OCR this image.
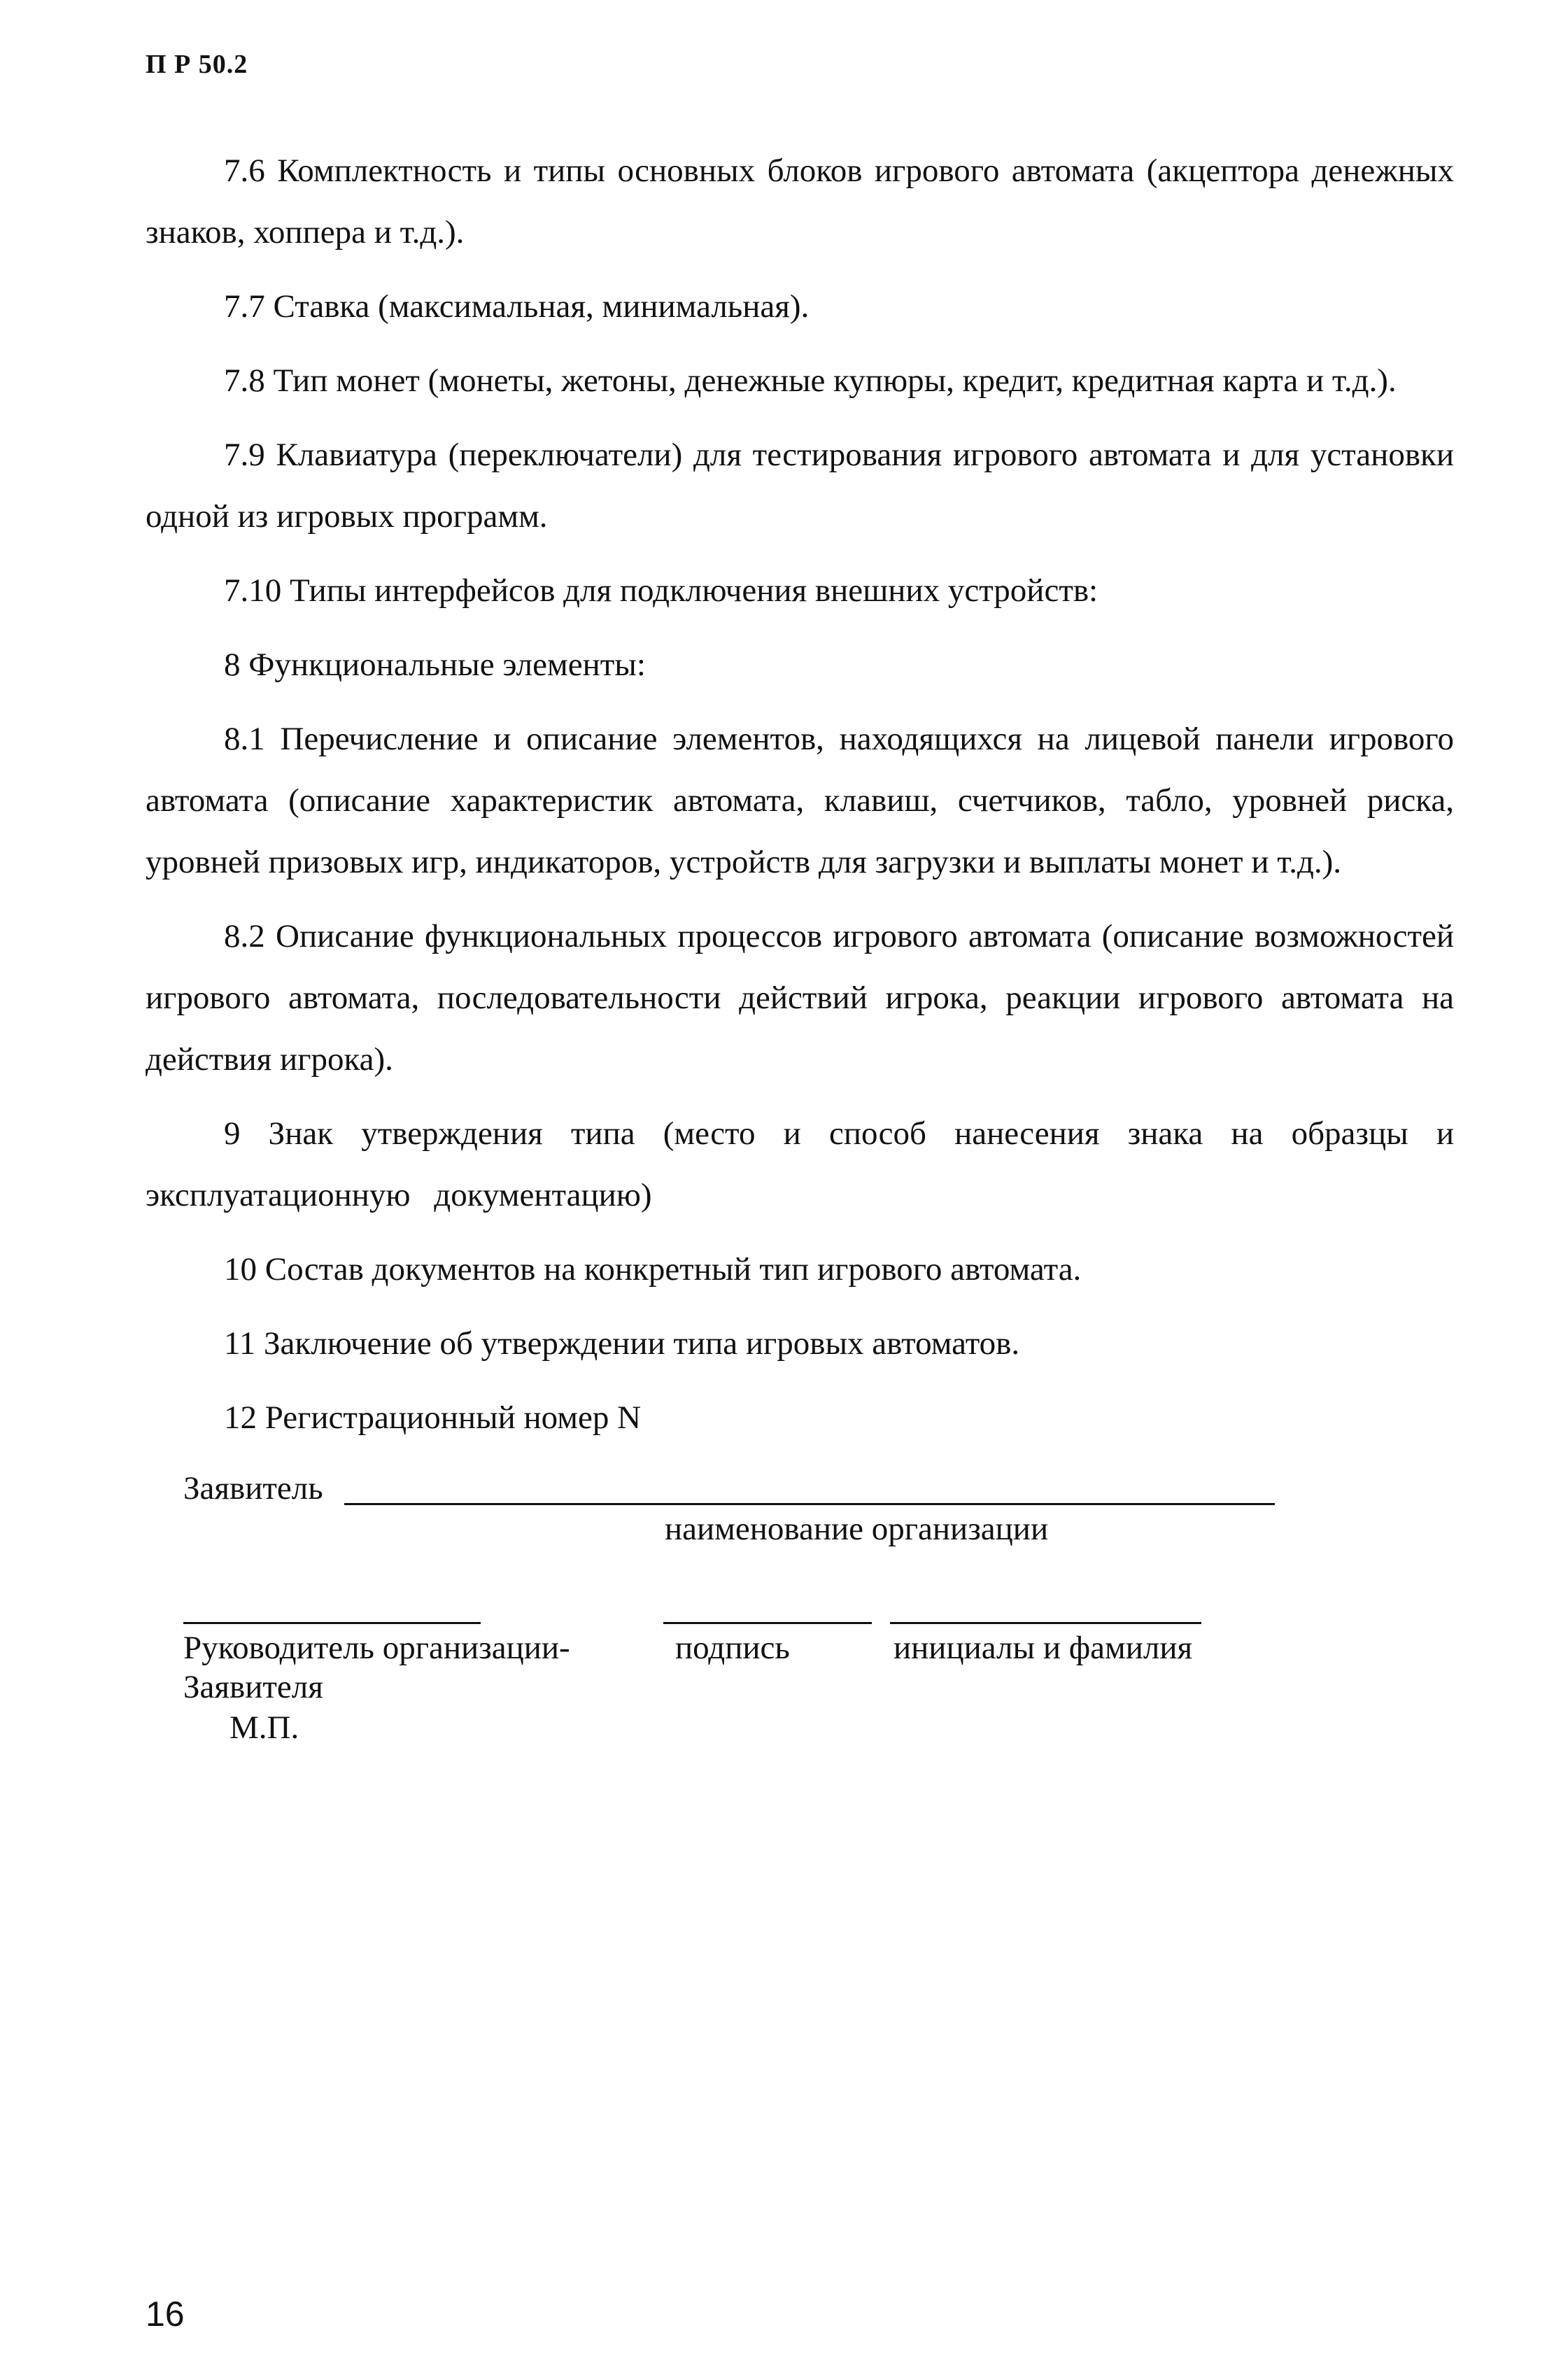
П Р 50.2

7.6 Комплектность и типы основных блоков игрового автомата (акцептора денежных знаков, хоппера и т.д.).

7.7 Ставка (максимальная, минимальная).

7.8 Тип монет (монеты, жетоны, денежные купюры, кредит, кредитная карта и т.д.).

7.9 Клавиатура (переключатели) для тестирования игрового автомата и для установки одной из игровых программ.

7.10 Типы интерфейсов для подключения внешних устройств:

8 Функциональные элементы:

8.1 Перечисление и описание элементов, находящихся на лицевой панели игрового автомата (описание характеристик автомата, клавиш, счетчиков, табло, уровней риска, уровней призовых игр, индикаторов, устройств для загрузки и выплаты монет и т.д.).

8.2 Описание функциональных процессов игрового автомата (описание возможностей игрового автомата, последовательности действий игрока, реакции игрового автомата на действия игрока).

9 Знак утверждения типа (место и способ нанесения знака на образцы и эксплуатационную документацию)

10 Состав документов на конкретный тип игрового автомата.

11 Заключение об утверждении типа игровых автоматов.

12 Регистрационный номер N

Заявитель
наименование организации
Руководитель организации-
Заявителя
подпись	инициалы и фамилия
М.П.
16
